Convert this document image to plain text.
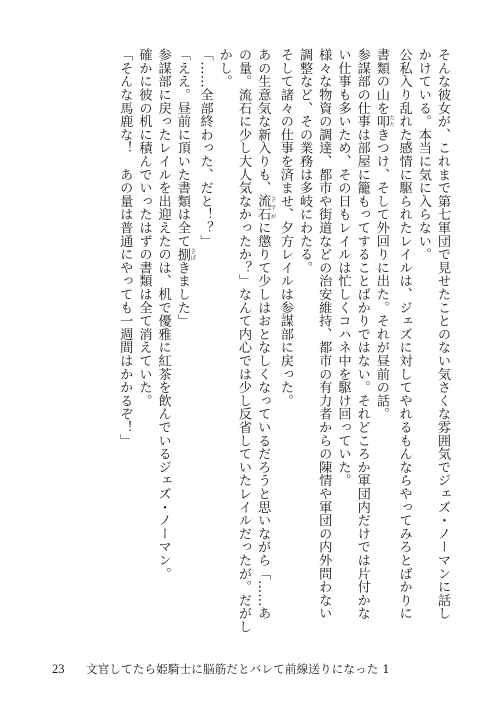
そんな彼女が、これまで第七軍団で見せたことのない気さくな雰囲気でジェズ・ノーマンに話し

かけている。本当に気に入らない。

公私入り乱れた感情に駆られたレイルは、ジェズに対してやれるもんならやってみろとばかりに

書類の山を叩 たたきつけ、そして外回りに出た。それが昼前の話。

参謀部の仕事は部屋に籠もってすることばかりではない。それどころか軍団内だけでは片付かな

い仕事も多いため、その日もレイルは忙しくコハネ中を駆け回っていた。

様々な物資の調達、都市や街道などの治安維持、都市の有力者からの陳情や軍団の内外問わない

調整など、その業務は多岐にわたる。

そして諸々の仕事を済ませ、夕方レイルは参謀部に戻った。

あの生意気な新入りも、流石 さすがに懲りて少しはおとなしくなっているだろうと思いながら「……あ

の量。流石に少し大人気なかったか？」なんて内心では少し反省していたレイルだったが。だがし

かし。

「……全部終わった、だと！？」

「ええ。昼前に頂いた書類は全て捌 さばきました」

参謀部に戻ったレイルを出迎えたのは、机で優雅に紅茶を飲んでいるジェズ・ノーマン。

確かに彼の机に積んでいったはずの書類は全て消えていた。

「そんな馬鹿な！　あの量は普通にやっても一週間はかかるぞ！」

23 文官してたら姫騎士に脳筋だとバレて前線送りになった 1
